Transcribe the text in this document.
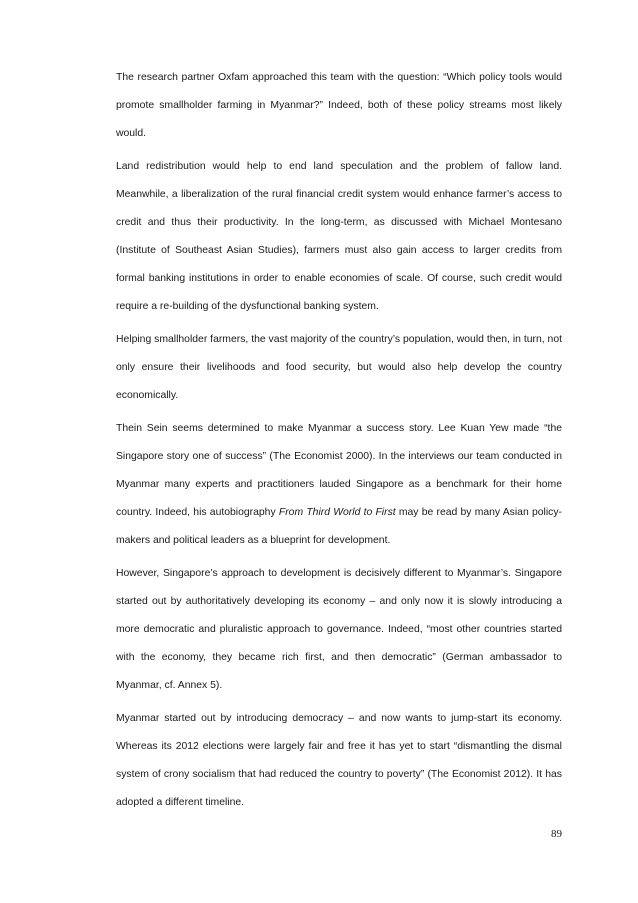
The research partner Oxfam approached this team with the question: “Which policy tools would promote smallholder farming in Myanmar?” Indeed, both of these policy streams most likely would.

Land redistribution would help to end land speculation and the problem of fallow land. Meanwhile, a liberalization of the rural financial credit system would enhance farmer’s access to credit and thus their productivity. In the long-term, as discussed with Michael Montesano (Institute of Southeast Asian Studies), farmers must also gain access to larger credits from formal banking institutions in order to enable economies of scale. Of course, such credit would require a re-building of the dysfunctional banking system.

Helping smallholder farmers, the vast majority of the country’s population, would then, in turn, not only ensure their livelihoods and food security, but would also help develop the country economically.

Thein Sein seems determined to make Myanmar a success story. Lee Kuan Yew made “the Singapore story one of success” (The Economist 2000). In the interviews our team conducted in Myanmar many experts and practitioners lauded Singapore as a benchmark for their home country. Indeed, his autobiography From Third World to First may be read by many Asian policy-makers and political leaders as a blueprint for development.

However, Singapore’s approach to development is decisively different to Myanmar’s. Singapore started out by authoritatively developing its economy – and only now it is slowly introducing a more democratic and pluralistic approach to governance. Indeed, “most other countries started with the economy, they became rich first, and then democratic” (German ambassador to Myanmar, cf. Annex 5).

Myanmar started out by introducing democracy – and now wants to jump-start its economy. Whereas its 2012 elections were largely fair and free it has yet to start “dismantling the dismal system of crony socialism that had reduced the country to poverty” (The Economist 2012). It has adopted a different timeline.

89
